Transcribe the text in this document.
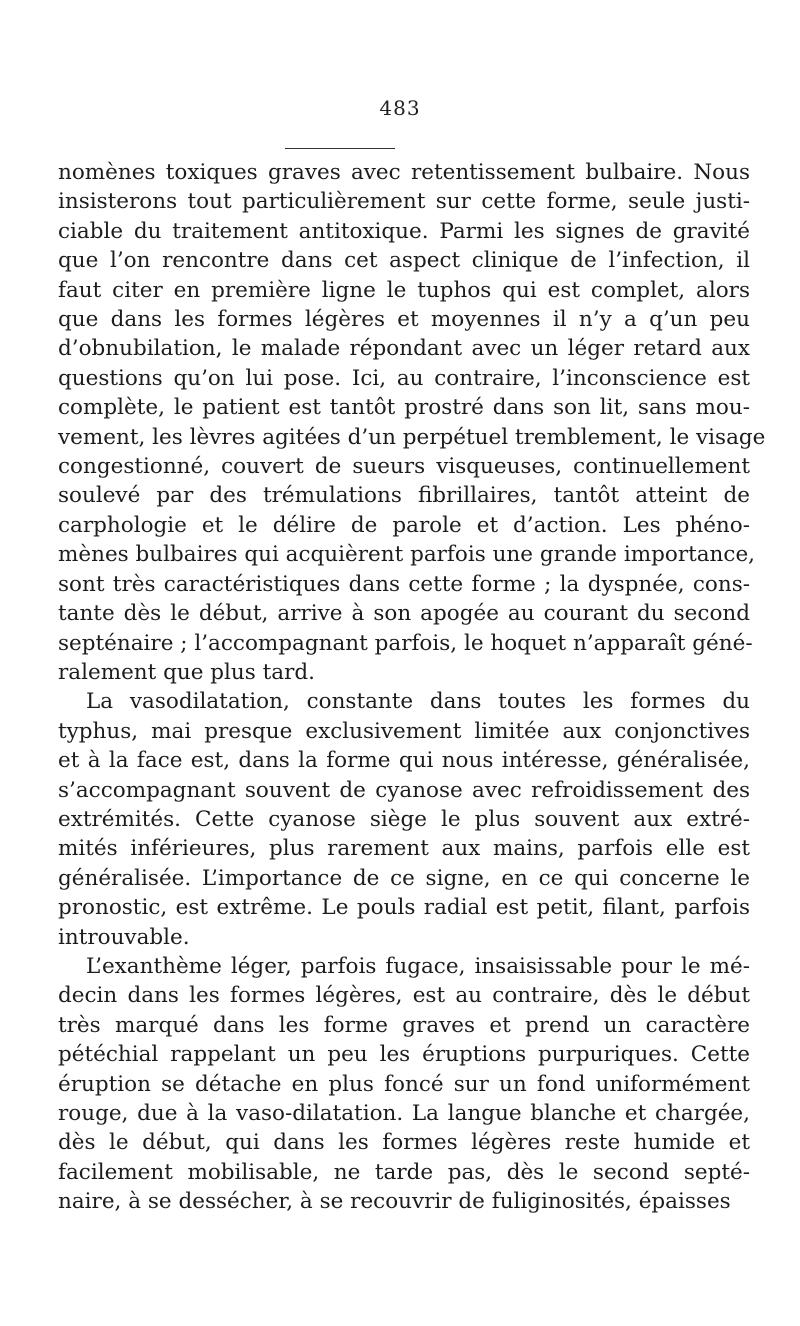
483

nomènes toxiques graves avec retentissement bulbaire. Nous
insisterons tout particulièrement sur cette forme, seule justi-
ciable du traitement antitoxique. Parmi les signes de gravité
que l’on rencontre dans cet aspect clinique de l’infection, il
faut citer en première ligne le tuphos qui est complet, alors
que dans les formes légères et moyennes il n’y a q’un peu
d’obnubilation, le malade répondant avec un léger retard aux
questions qu’on lui pose. Ici, au contraire, l’inconscience est
complète, le patient est tantôt prostré dans son lit, sans mou-
vement, les lèvres agitées d’un perpétuel tremblement, le visage
congestionné, couvert de sueurs visqueuses, continuellement
soulevé par des trémulations fibrillaires, tantôt atteint de
carphologie et le délire de parole et d’action. Les phéno-
mènes bulbaires qui acquièrent parfois une grande importance,
sont très caractéristiques dans cette forme ; la dyspnée, cons-
tante dès le début, arrive à son apogée au courant du second
septénaire ; l’accompagnant parfois, le hoquet n’apparaît géné-
ralement que plus tard.

La vasodilatation, constante dans toutes les formes du
typhus, mai presque exclusivement limitée aux conjonctives
et à la face est, dans la forme qui nous intéresse, généralisée,
s’accompagnant souvent de cyanose avec refroidissement des
extrémités. Cette cyanose siège le plus souvent aux extré-
mités inférieures, plus rarement aux mains, parfois elle est
généralisée. L’importance de ce signe, en ce qui concerne le
pronostic, est extrême. Le pouls radial est petit, filant, parfois
introuvable.

L’exanthème léger, parfois fugace, insaisissable pour le mé-
decin dans les formes légères, est au contraire, dès le début
très marqué dans les forme graves et prend un caractère
pétéchial rappelant un peu les éruptions purpuriques. Cette
éruption se détache en plus foncé sur un fond uniformément
rouge, due à la vaso-dilatation. La langue blanche et chargée,
dès le début, qui dans les formes légères reste humide et
facilement mobilisable, ne tarde pas, dès le second septé-
naire, à se dessécher, à se recouvrir de fuliginosités, épaisses
